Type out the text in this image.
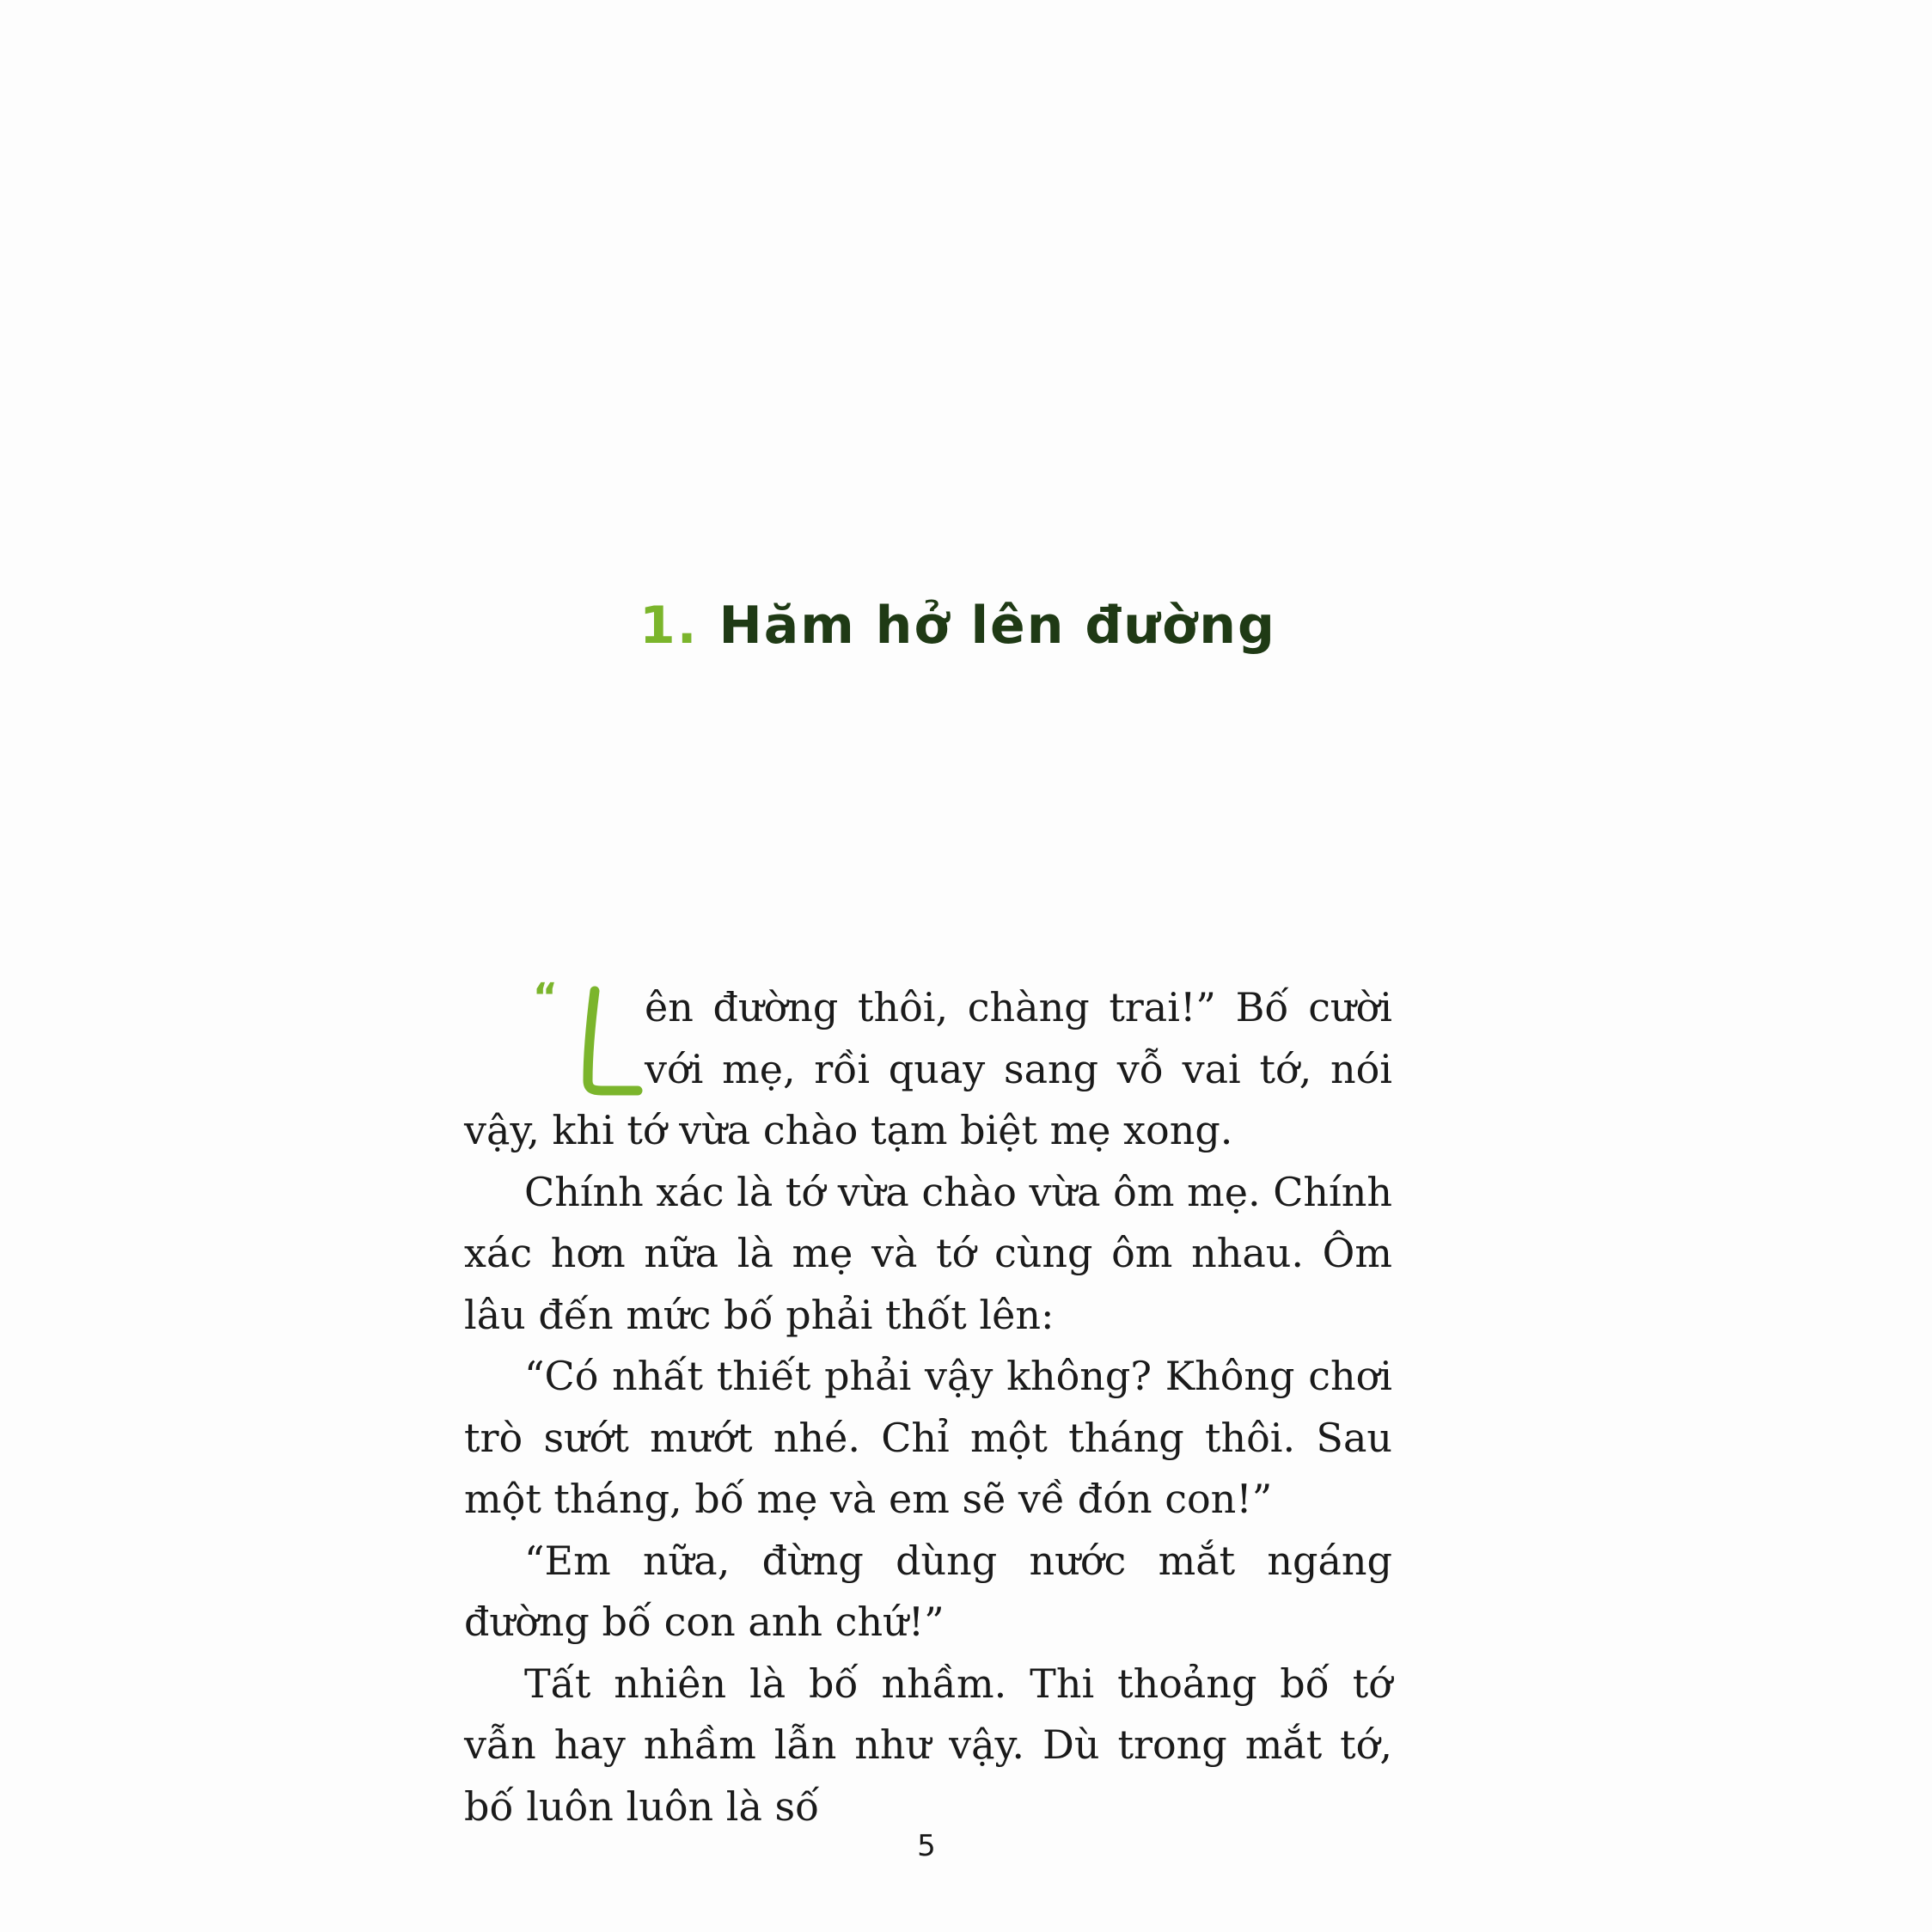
1. Hăm hở lên đường

“ ên đường thôi, chàng trai!” Bố cười với mẹ, rồi quay sang vỗ vai tớ, nói vậy, khi tớ vừa chào tạm biệt mẹ xong.

Chính xác là tớ vừa chào vừa ôm mẹ. Chính xác hơn nữa là mẹ và tớ cùng ôm nhau. Ôm lâu đến mức bố phải thốt lên:

“Có nhất thiết phải vậy không? Không chơi trò sướt mướt nhé. Chỉ một tháng thôi. Sau một tháng, bố mẹ và em sẽ về đón con!”

“Em nữa, đừng dùng nước mắt ngáng đường bố con anh chứ!”

Tất nhiên là bố nhầm. Thi thoảng bố tớ vẫn hay nhầm lẫn như vậy. Dù trong mắt tớ, bố luôn luôn là số

5
